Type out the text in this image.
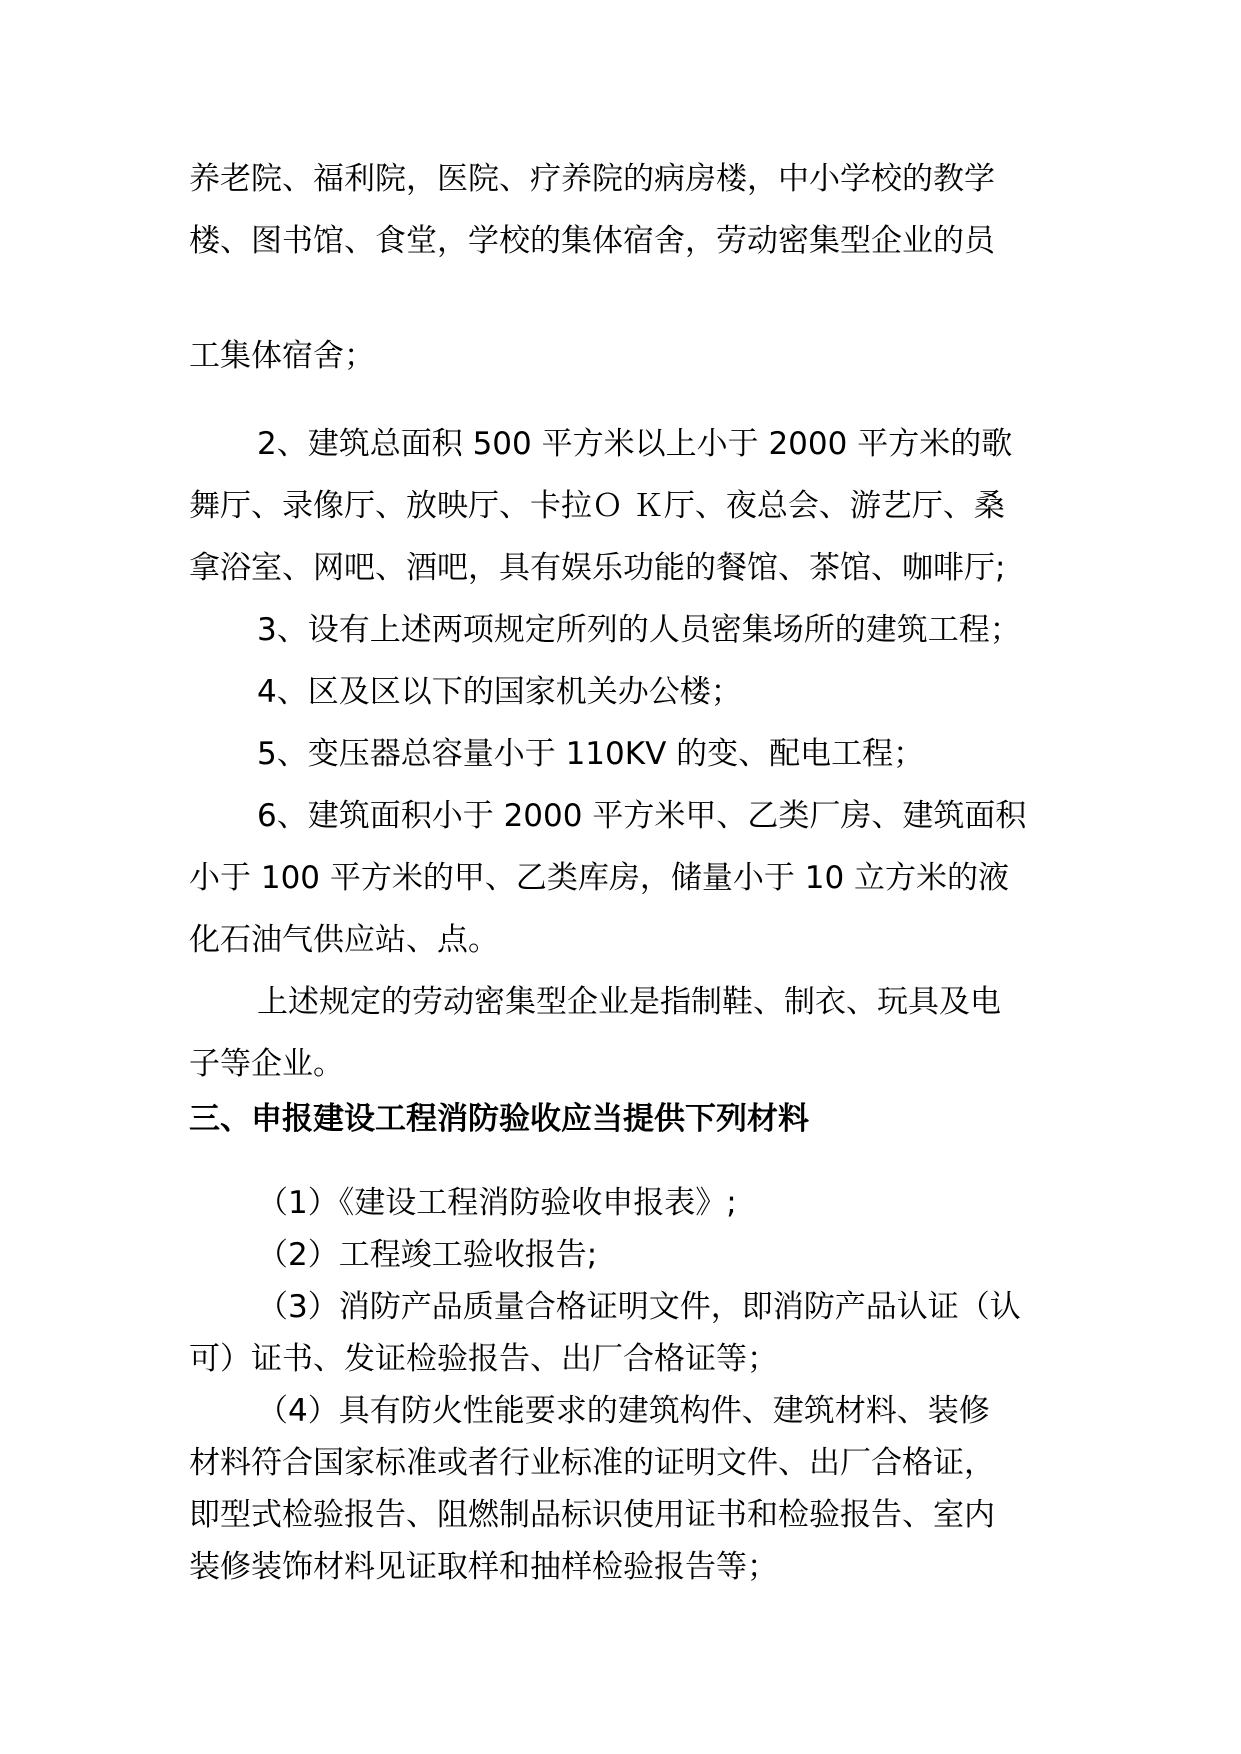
养老院、福利院，医院、疗养院的病房楼，中小学校的教学
楼、图书馆、食堂，学校的集体宿舍，劳动密集型企业的员
工集体宿舍；
2、建筑总面积 500 平方米以上小于 2000 平方米的歌
舞厅、录像厅、放映厅、卡拉Ｏ Ｋ厅、夜总会、游艺厅、桑
拿浴室、网吧、酒吧，具有娱乐功能的餐馆、茶馆、咖啡厅;
3、设有上述两项规定所列的人员密集场所的建筑工程；
4、区及区以下的国家机关办公楼；
5、变压器总容量小于 110KV 的变、配电工程；
6、建筑面积小于 2000 平方米甲、乙类厂房、建筑面积
小于 100 平方米的甲、乙类库房，储量小于 10 立方米的液
化石油气供应站、点。
上述规定的劳动密集型企业是指制鞋、制衣、玩具及电
子等企业。
三、申报建设工程消防验收应当提供下列材料
（1）《建设工程消防验收申报表》;
（2）工程竣工验收报告;
（3）消防产品质量合格证明文件，即消防产品认证（认
可）证书、发证检验报告、出厂合格证等；
（4）具有防火性能要求的建筑构件、建筑材料、装修
材料符合国家标准或者行业标准的证明文件、出厂合格证，
即型式检验报告、阻燃制品标识使用证书和检验报告、室内
装修装饰材料见证取样和抽样检验报告等；
